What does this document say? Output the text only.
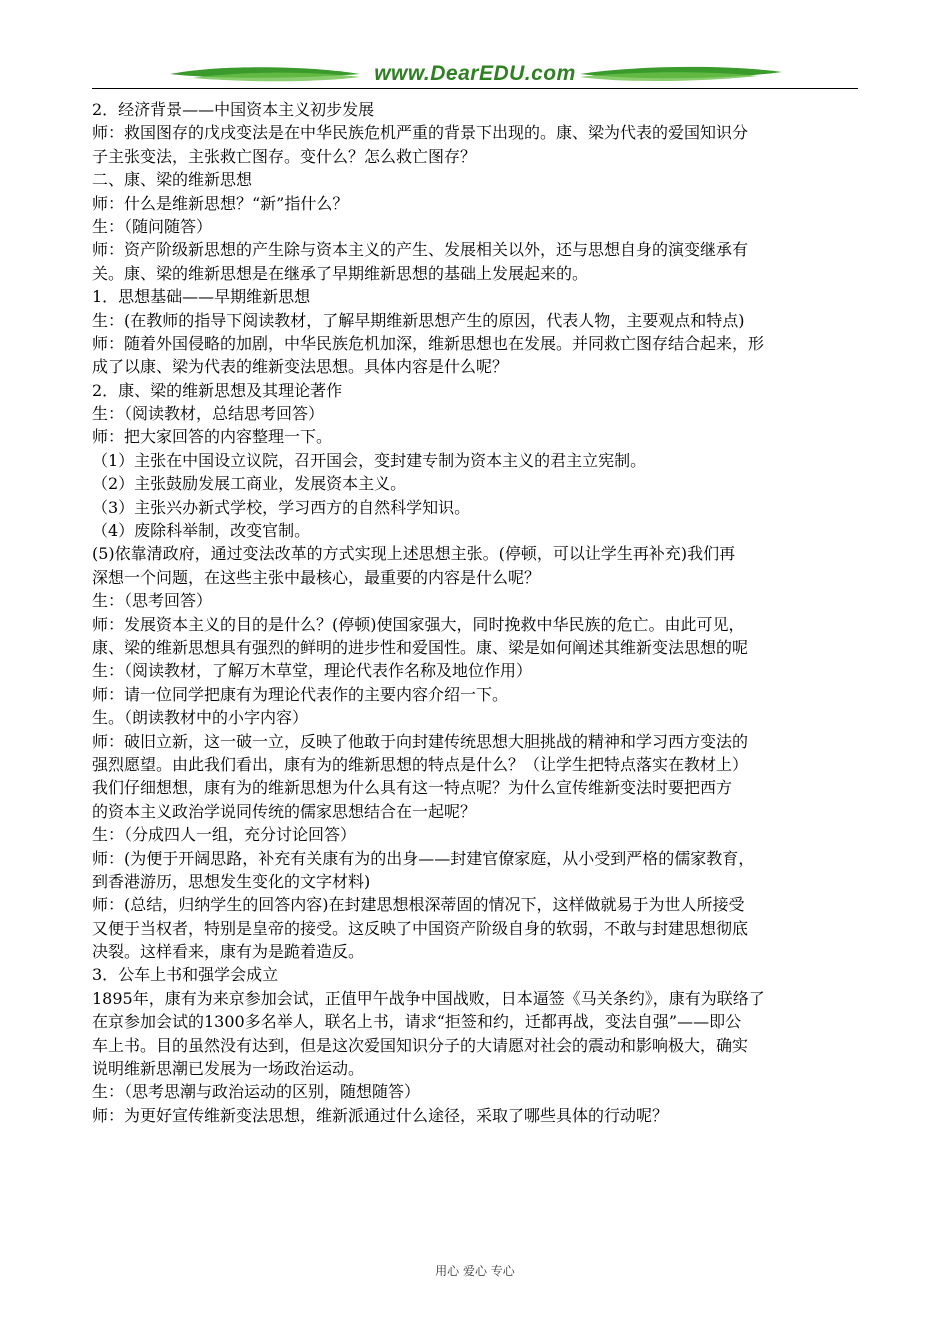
www.DearEDU.com
2．经济背景——中国资本主义初步发展
师：救国图存的戊戌变法是在中华民族危机严重的背景下出现的。康、梁为代表的爱国知识分
子主张变法，主张救亡图存。变什么？怎么救亡图存？
二、康、梁的维新思想
师：什么是维新思想？“新”指什么？
生：（随问随答）
师：资产阶级新思想的产生除与资本主义的产生、发展相关以外，还与思想自身的演变继承有
关。康、梁的维新思想是在继承了早期维新思想的基础上发展起来的。
1．思想基础——早期维新思想
生：(在教师的指导下阅读教材，了解早期维新思想产生的原因，代表人物，主要观点和特点)
师：随着外国侵略的加剧，中华民族危机加深，维新思想也在发展。并同救亡图存结合起来，形
成了以康、梁为代表的维新变法思想。具体内容是什么呢？
2．康、梁的维新思想及其理论著作
生：（阅读教材，总结思考回答）
师：把大家回答的内容整理一下。
（1）主张在中国设立议院，召开国会，变封建专制为资本主义的君主立宪制。
（2）主张鼓励发展工商业，发展资本主义。
（3）主张兴办新式学校，学习西方的自然科学知识。
（4）废除科举制，改变官制。
(5)依靠清政府，通过变法改革的方式实现上述思想主张。(停顿，可以让学生再补充)我们再
深想一个问题，在这些主张中最核心，最重要的内容是什么呢？
生：（思考回答）
师：发展资本主义的目的是什么？(停顿)使国家强大，同时挽救中华民族的危亡。由此可见，
康、梁的维新思想具有强烈的鲜明的进步性和爱国性。康、梁是如何阐述其维新变法思想的呢
生：（阅读教材，了解万木草堂，理论代表作名称及地位作用）
师：请一位同学把康有为理论代表作的主要内容介绍一下。
生。（朗读教材中的小字内容）
师：破旧立新，这一破一立，反映了他敢于向封建传统思想大胆挑战的精神和学习西方变法的
强烈愿望。由此我们看出，康有为的维新思想的特点是什么？（让学生把特点落实在教材上）
我们仔细想想，康有为的维新思想为什么具有这一特点呢？为什么宣传维新变法时要把西方
的资本主义政治学说同传统的儒家思想结合在一起呢？
生：（分成四人一组，充分讨论回答）
师：(为便于开阔思路，补充有关康有为的出身——封建官僚家庭，从小受到严格的儒家教育，
到香港游历，思想发生变化的文字材料)
师：(总结，归纳学生的回答内容)在封建思想根深蒂固的情况下，这样做就易于为世人所接受
又便于当权者，特别是皇帝的接受。这反映了中国资产阶级自身的软弱，不敢与封建思想彻底
决裂。这样看来，康有为是跪着造反。
3．公车上书和强学会成立
1895年，康有为来京参加会试，正值甲午战争中国战败，日本逼签《马关条约》，康有为联络了
在京参加会试的1300多名举人，联名上书，请求“拒签和约，迁都再战，变法自强”——即公
车上书。目的虽然没有达到，但是这次爱国知识分子的大请愿对社会的震动和影响极大，确实
说明维新思潮已发展为一场政治运动。
生：（思考思潮与政治运动的区别，随想随答）
师：为更好宣传维新变法思想，维新派通过什么途径，采取了哪些具体的行动呢？
用心 爱心 专心
